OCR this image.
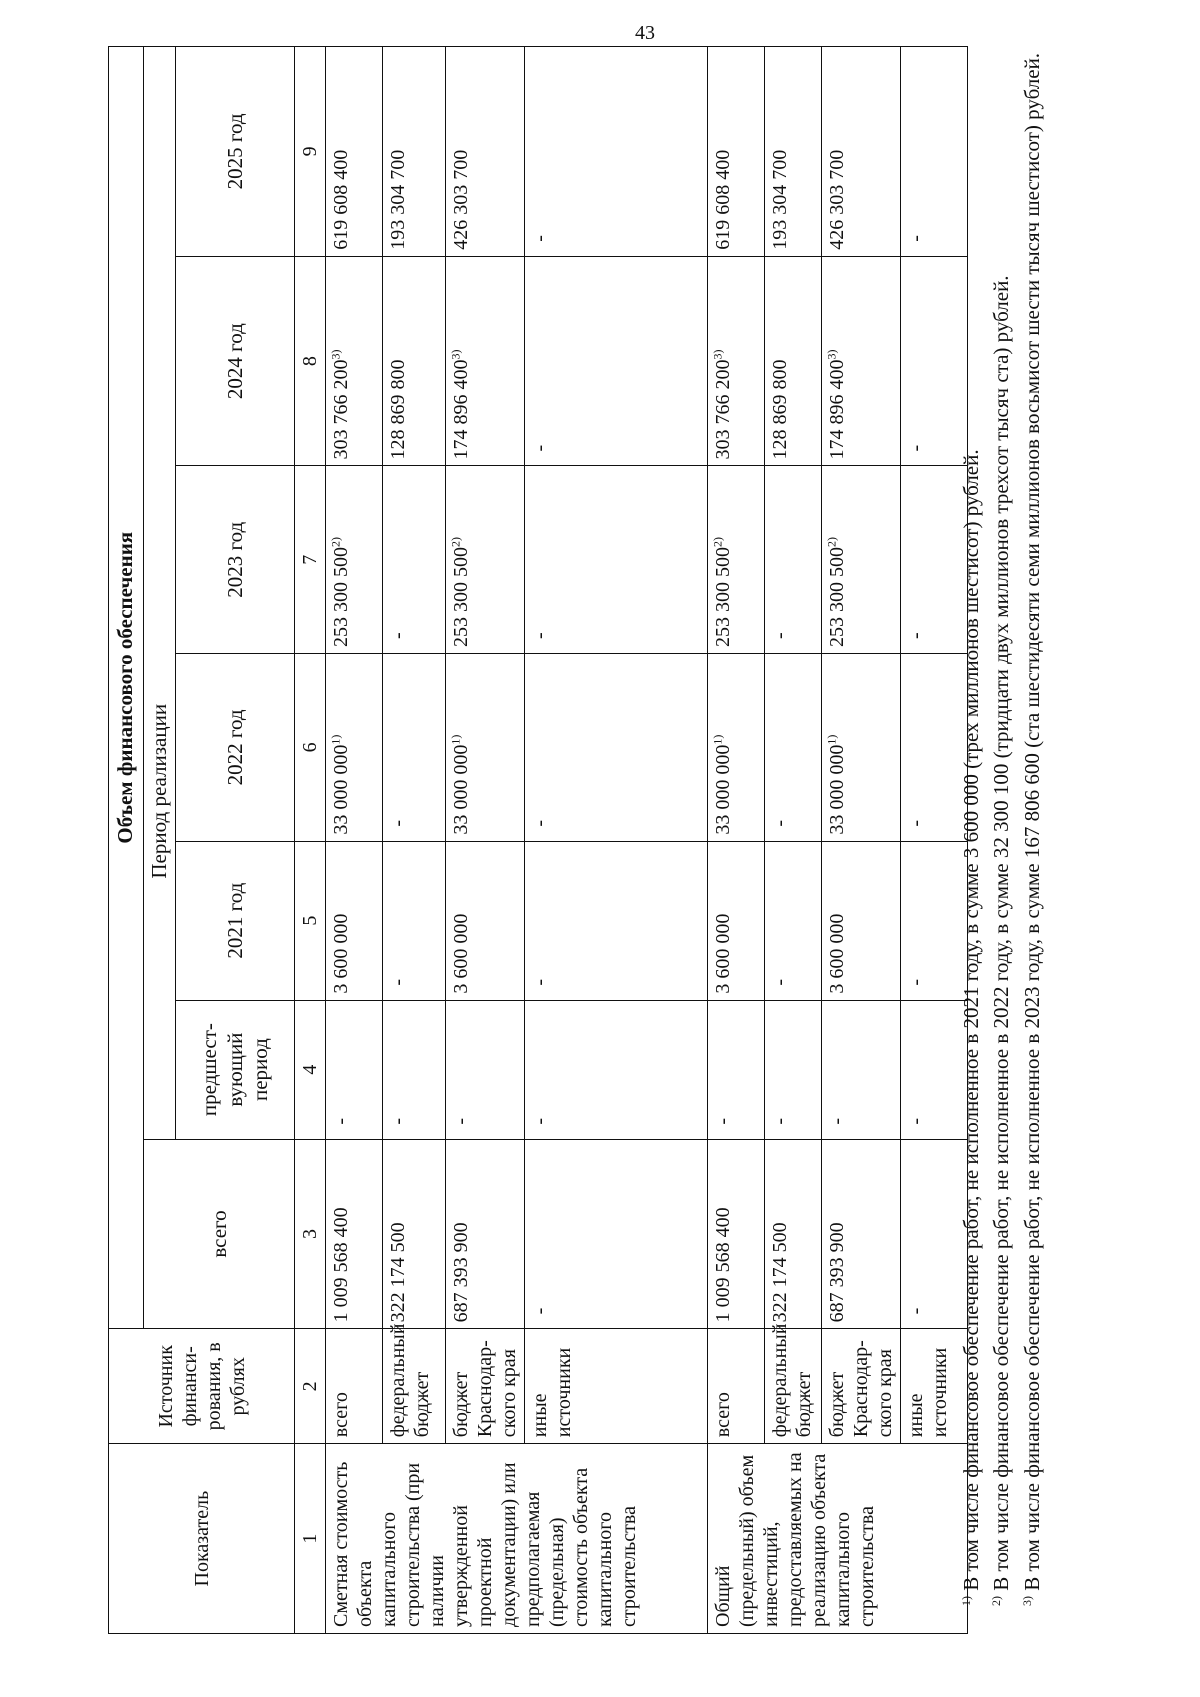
43
Показатель	Источник финанси-рования, в рублях	Объем финансового обеспечения						
		всего	Период реализации					
			предшест-вующий период	2021 год	2022 год	2023 год	2024 год	2025 год
1	2	3	4	5	6	7	8	9
Сметная стоимость объекта капитального строительства (при наличии утвержденной проектной документации) или предполагаемая (предельная) стоимость объекта капитального строительства	всего	1 009 568 400	-	3 600 000	33 000 000$^{1)}$	253 300 500$^{2)}$	303 766 200$^{3)}$	619 608 400
	федеральный бюджет	322 174 500	-	-	-	-	128 869 800	193 304 700
	бюджет Краснодар-ского края	687 393 900	-	3 600 000	33 000 000$^{1)}$	253 300 500$^{2)}$	174 896 400$^{3)}$	426 303 700
	иные источники	-	-	-	-	-	-	-
Общий (предельный) объем инвестиций, предоставляемых на реализацию объекта капитального строительства	всего	1 009 568 400	-	3 600 000	33 000 000$^{1)}$	253 300 500$^{2)}$	303 766 200$^{3)}$	619 608 400
	федеральный бюджет	322 174 500	-	-	-	-	128 869 800	193 304 700
	бюджет Краснодар-ского края	687 393 900	-	3 600 000	33 000 000$^{1)}$	253 300 500$^{2)}$	174 896 400$^{3)}$	426 303 700
	иные источники	-	-	-	-	-	-	-

$^{1)}$ В том числе финансовое обеспечение работ, не исполненное в 2021 году, в сумме 3 600 000 (трех миллионов шестисот) рублей.

$^{2)}$ В том числе финансовое обеспечение работ, не исполненное в 2022 году, в сумме 32 300 100 (тридцати двух миллионов трехсот тысяч ста) рублей.

$^{3)}$ В том числе финансовое обеспечение работ, не исполненное в 2023 году, в сумме 167 806 600 (ста шестидесяти семи миллионов восьмисот шести тысяч шестисот) рублей.
